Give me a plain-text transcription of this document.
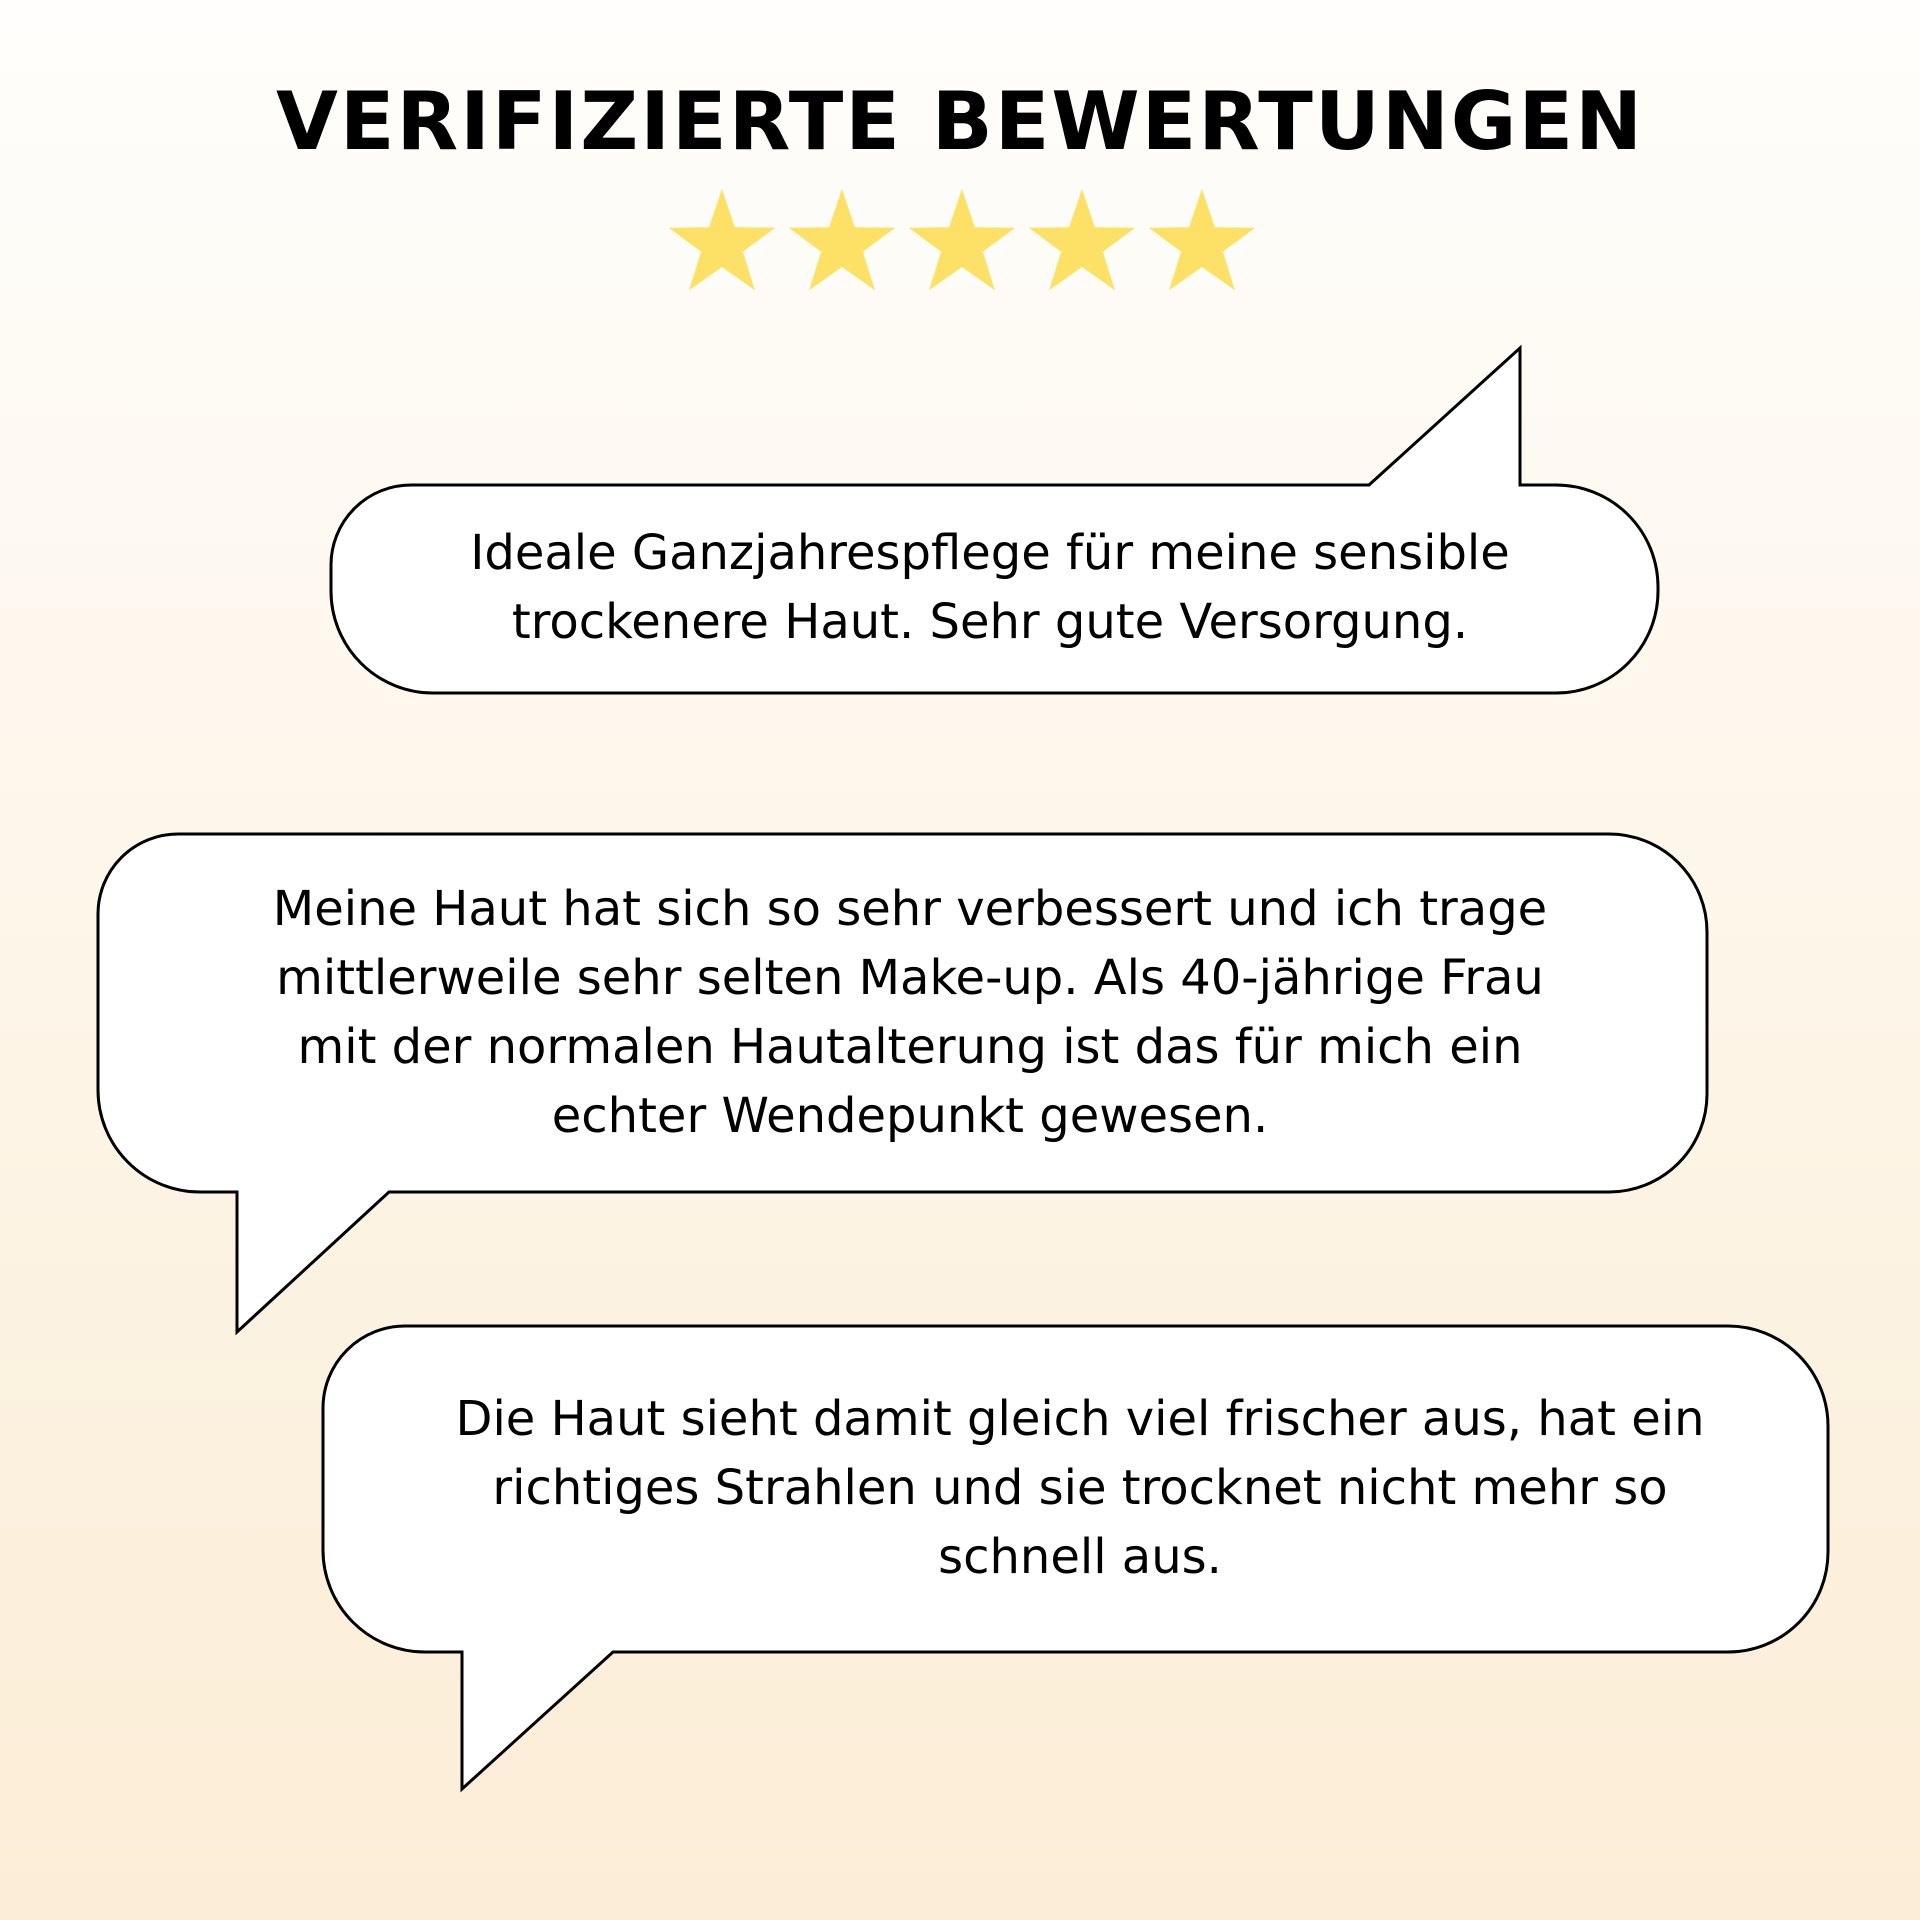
VERIFIZIERTE BEWERTUNGEN

Ideale Ganzjahrespflege für meine sensible
trockenere Haut. Sehr gute Versorgung.

Meine Haut hat sich so sehr verbessert und ich trage
mittlerweile sehr selten Make-up. Als 40-jährige Frau
mit der normalen Hautalterung ist das für mich ein
echter Wendepunkt gewesen.

Die Haut sieht damit gleich viel frischer aus, hat ein
richtiges Strahlen und sie trocknet nicht mehr so
schnell aus.
